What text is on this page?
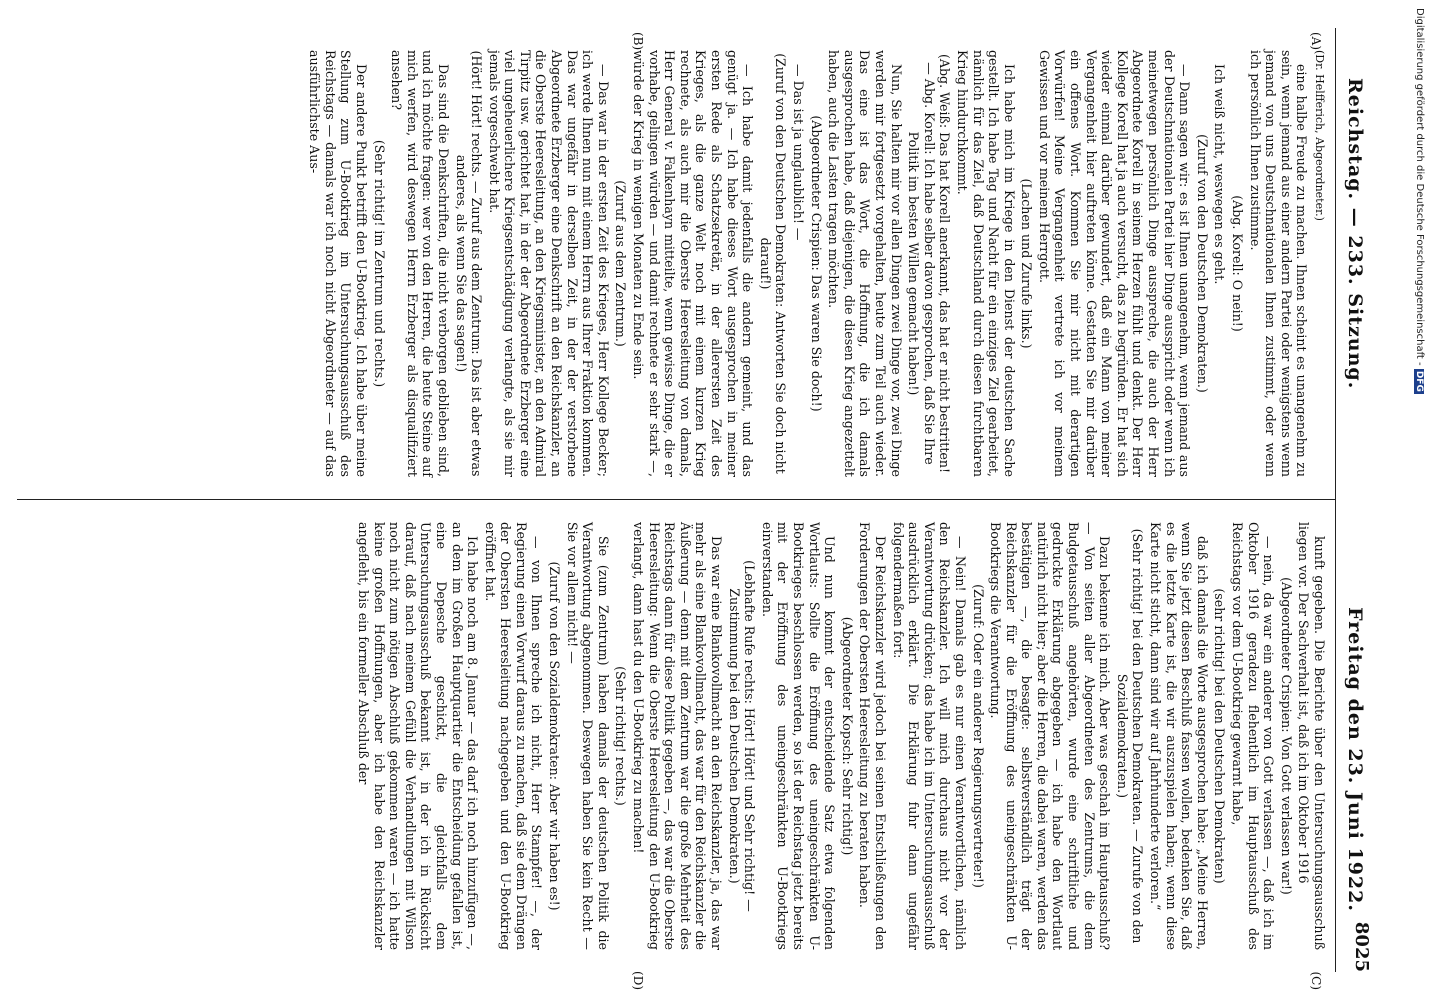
Reichstag. — 233. Sitzung.
Freitag den 23. Juni 1922.
8025
(A)
(B)
(C)
(D)

(Dr. Helfferich, Abgeordneter.)

eine halbe Freude zu machen. Ihnen scheint es unangenehm zu sein, wenn jemand aus einer andern Partei oder wenigstens wenn jemand von uns Deutschnationalen Ihnen zustimmt, oder wenn ich persönlich Ihnen zustimme.

(Abg. Korell: O nein!)

Ich weiß nicht, weswegen es geht.

(Zuruf von den Deutschen Demokraten.)

— Dann sagen wir: es ist Ihnen unangenehm, wenn jemand aus der Deutschnationalen Partei hier Dinge ausspricht oder wenn ich meinetwegen persönlich Dinge ausspreche, die auch der Herr Abgeordnete Korell in seinem Herzen fühlt und denkt. Der Herr Kollege Korell hat ja auch versucht, das zu begründen. Er hat sich wieder einmal darüber gewundert, daß ein Mann von meiner Vergangenheit hier auftreten könne. Gestatten Sie mir darüber ein offenes Wort. Kommen Sie mir nicht mit derartigen Vorwürfen! Meine Vergangenheit vertrete ich vor meinem Gewissen und vor meinem Herrgott.

(Lachen und Zurufe links.)

Ich habe mich im Kriege in den Dienst der deutschen Sache gestellt. Ich habe Tag und Nacht für ein einziges Ziel gearbeitet, nämlich für das Ziel, daß Deutschland durch diesen furchtbaren Krieg hindurchkommt.

(Abg. Weiß: Das hat Korell anerkannt, das hat er nicht bestritten! — Abg. Korell: Ich habe selber davon gesprochen, daß Sie Ihre Politik im besten Willen gemacht haben!)

Nun, Sie halten mir vor allen Dingen zwei Dinge vor, zwei Dinge werden mir fortgesetzt vorgehalten, heute zum Teil auch wieder. Das eine ist das Wort, die Hoffnung, die ich damals ausgesprochen habe, daß diejenigen, die diesen Krieg angezettelt haben, auch die Lasten tragen möchten.

(Abgeordneter Crispien: Das waren Sie doch!)

— Das ist ja unglaublich! —

(Zuruf von den Deutschen Demokraten: Antworten Sie doch nicht darauf!)

— Ich habe damit jedenfalls die andern gemeint, und das genügt ja. — Ich habe dieses Wort ausgesprochen in meiner ersten Rede als Schatzsekretär, in der allerersten Zeit des Krieges, als die ganze Welt noch mit einem kurzen Krieg rechnete, als auch mir die Oberste Heeresleitung von damals, Herr General v. Falkenhayn mitteilte, wenn gewisse Dinge, die er vorhabe, gelingen würden — und damit rechnete er sehr stark —, würde der Krieg in wenigen Monaten zu Ende sein.

(Zuruf aus dem Zentrum.)

— Das war in der ersten Zeit des Krieges, Herr Kollege Becker; ich werde Ihnen nun mit einem Herrn aus Ihrer Fraktion kommen. Das war ungefähr in derselben Zeit, in der der verstorbene Abgeordnete Erzberger eine Denkschrift an den Reichskanzler, an die Oberste Heeresleitung, an den Kriegsminister, an den Admiral Tirpitz usw. gerichtet hat, in der der Abgeordnete Erzberger eine viel ungeheuerlichere Kriegsentschädigung verlangte, als sie mir jemals vorgeschwebt hat.

(Hört! Hört! rechts. — Zuruf aus dem Zentrum: Das ist aber etwas anderes, als wenn Sie das sagen!)

Das sind die Denkschriften, die nicht verborgen geblieben sind, und ich möchte fragen: wer von den Herren, die heute Steine auf mich werfen, wird deswegen Herrn Erzberger als disqualifiziert ansehen?

(Sehr richtig! im Zentrum und rechts.)

Der andere Punkt betrifft den U-Bootkrieg. Ich habe über meine Stellung zum U-Bootkrieg im Untersuchungsausschuß des Reichstags — damals war ich noch nicht Abgeordneter — auf das ausführlichste Aus-

kunft gegeben. Die Berichte über den Untersuchungsausschuß liegen vor. Der Sachverhalt ist, daß ich im Oktober 1916

(Abgeordneter Crispien: Von Gott verlassen war!)

— nein, da war ein anderer von Gott verlassen —, daß ich im Oktober 1916 geradezu flehentlich im Hauptausschuß des Reichstags vor dem U-Bootkrieg gewarnt habe,

(sehr richtig! bei den Deutschen Demokraten)

daß ich damals die Worte ausgesprochen habe: „Meine Herren, wenn Sie jetzt diesen Beschluß fassen wollen, bedenken Sie, daß es die letzte Karte ist, die wir auszuspielen haben; wenn diese Karte nicht sticht, dann sind wir auf Jahrhunderte verloren.“

(Sehr richtig! bei den Deutschen Demokraten. — Zurufe von den Sozialdemokraten.)

Dazu bekenne ich mich. Aber was geschah im Hauptausschuß? — Von seiten aller Abgeordneten des Zentrums, die dem Budgetausschuß angehörten, wurde eine schriftliche und gedruckte Erklärung abgegeben — ich habe den Wortlaut natürlich nicht hier; aber die Herren, die dabei waren, werden das bestätigen —, die besagte: selbstverständlich trägt der Reichskanzler für die Eröffnung des uneingeschränkten U-Bootkriegs die Verantwortung.

(Zuruf: Oder ein anderer Regierungsvertreter!)

— Nein! Damals gab es nur einen Verantwortlichen, nämlich den Reichskanzler. Ich will mich durchaus nicht vor der Verantwortung drücken; das habe ich im Untersuchungsausschuß ausdrücklich erklärt. Die Erklärung fuhr dann ungefähr folgendermaßen fort:

Der Reichskanzler wird jedoch bei seinen Entschließungen den Forderungen der Obersten Heeresleitung zu beraten haben.

(Abgeordneter Kopsch: Sehr richtig!)

Und nun kommt der entscheidende Satz etwa folgenden Wortlauts: Sollte die Eröffnung des uneingeschränkten U-Bootkrieges beschlossen werden, so ist der Reichstag jetzt bereits mit der Eröffnung des uneingeschränkten U-Bootkriegs einverstanden.

(Lebhafte Rufe rechts: Hört! Hört! und Sehr richtig! — Zustimmung bei den Deutschen Demokraten.)

Das war eine Blankovollmacht an den Reichskanzler, ja, das war mehr als eine Blankovollmacht, das war für den Reichskanzler die Äußerung — denn mit dem Zentrum war die große Mehrheit des Reichstags dann für diese Politik gegeben —, das war die Oberste Heeresleitung: Wenn die Oberste Heeresleitung den U-Bootkrieg verlangt, dann hast du den U-Bootkrieg zu machen!

(Sehr richtig! rechts.)

Sie (zum Zentrum) haben damals der deutschen Politik die Verantwortung abgenommen. Deswegen haben Sie kein Recht — Sie vor allem nicht! —

(Zuruf von den Sozialdemokraten: Aber wir haben es!)

— von Ihnen spreche ich nicht, Herr Stampfer! —, der Regierung einen Vorwurf daraus zu machen, daß sie dem Drängen der Obersten Heeresleitung nachgegeben und den U-Bootkrieg eröffnet hat.

Ich habe noch am 8. Januar — das darf ich noch hinzufügen —, an dem im Großen Hauptquartier die Entscheidung gefallen ist, eine Depesche geschickt, die gleichfalls dem Untersuchungsausschuß bekannt ist, in der ich in Rücksicht darauf, daß nach meinem Gefühl die Verhandlungen mit Wilson noch nicht zum nötigen Abschluß gekommen waren — ich hatte keine großen Hoffnungen, aber ich habe den Reichskanzler angefleht, bis ein formeller Abschluß der

Digitalisierung gefördert durch die Deutsche Forschungsgemeinschaft - DFG
